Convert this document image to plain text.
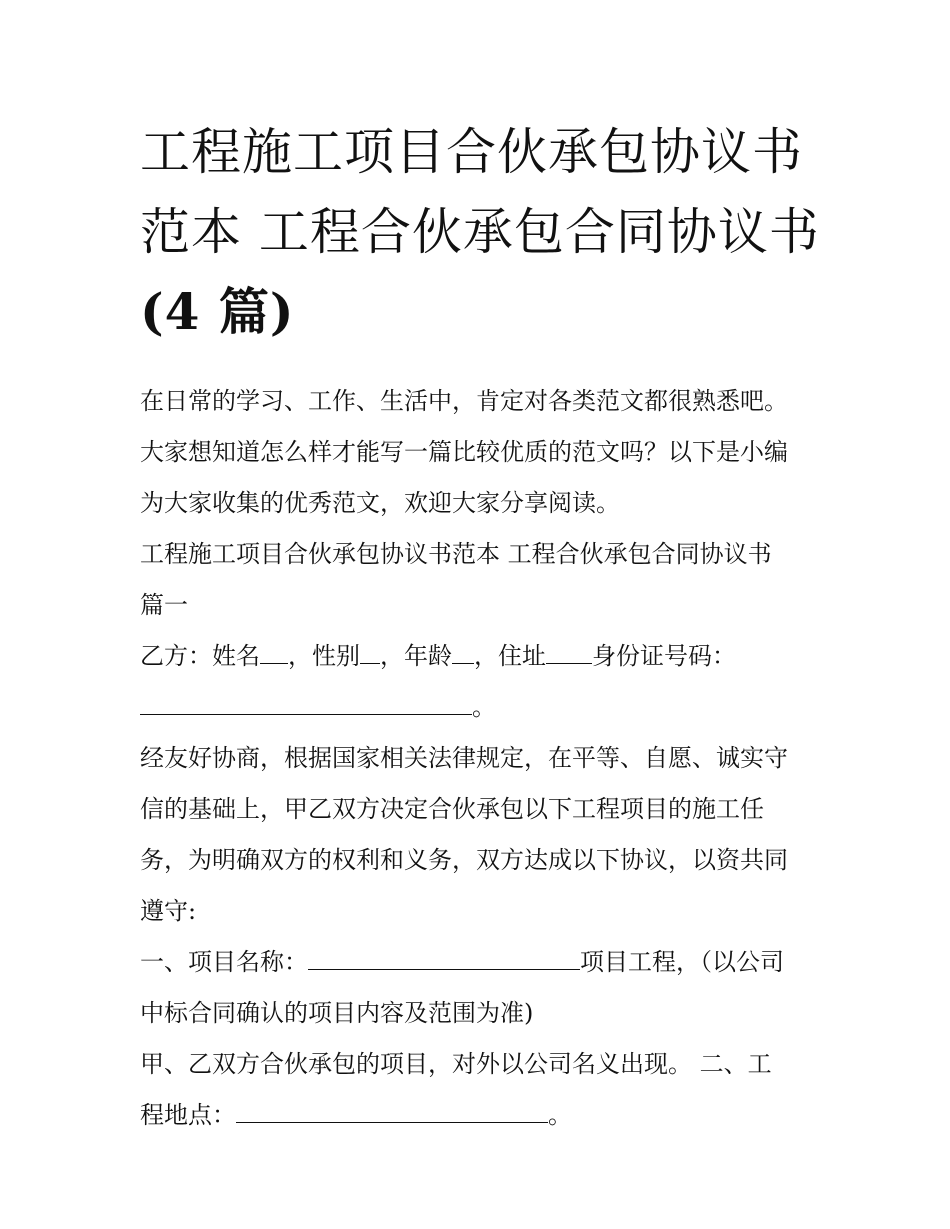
工程施工项目合伙承包协议书
范本 工程合伙承包合同协议书
(4 篇)

在日常的学习、工作、生活中，肯定对各类范文都很熟悉吧。

大家想知道怎么样才能写一篇比较优质的范文吗？以下是小编

为大家收集的优秀范文，欢迎大家分享阅读。

工程施工项目合伙承包协议书范本 工程合伙承包合同协议书

篇一

乙方：姓名 ，性别 ，年龄 ，住址 身份证号码：

。

经友好协商，根据国家相关法律规定，在平等、自愿、诚实守

信的基础上，甲乙双方决定合伙承包以下工程项目的施工任

务，为明确双方的权利和义务，双方达成以下协议，以资共同

遵守:

一、项目名称：	项目工程，（以公司

中标合同确认的项目内容及范围为准)

甲、乙双方合伙承包的项目，对外以公司名义出现。 二、工

程地点：	。
